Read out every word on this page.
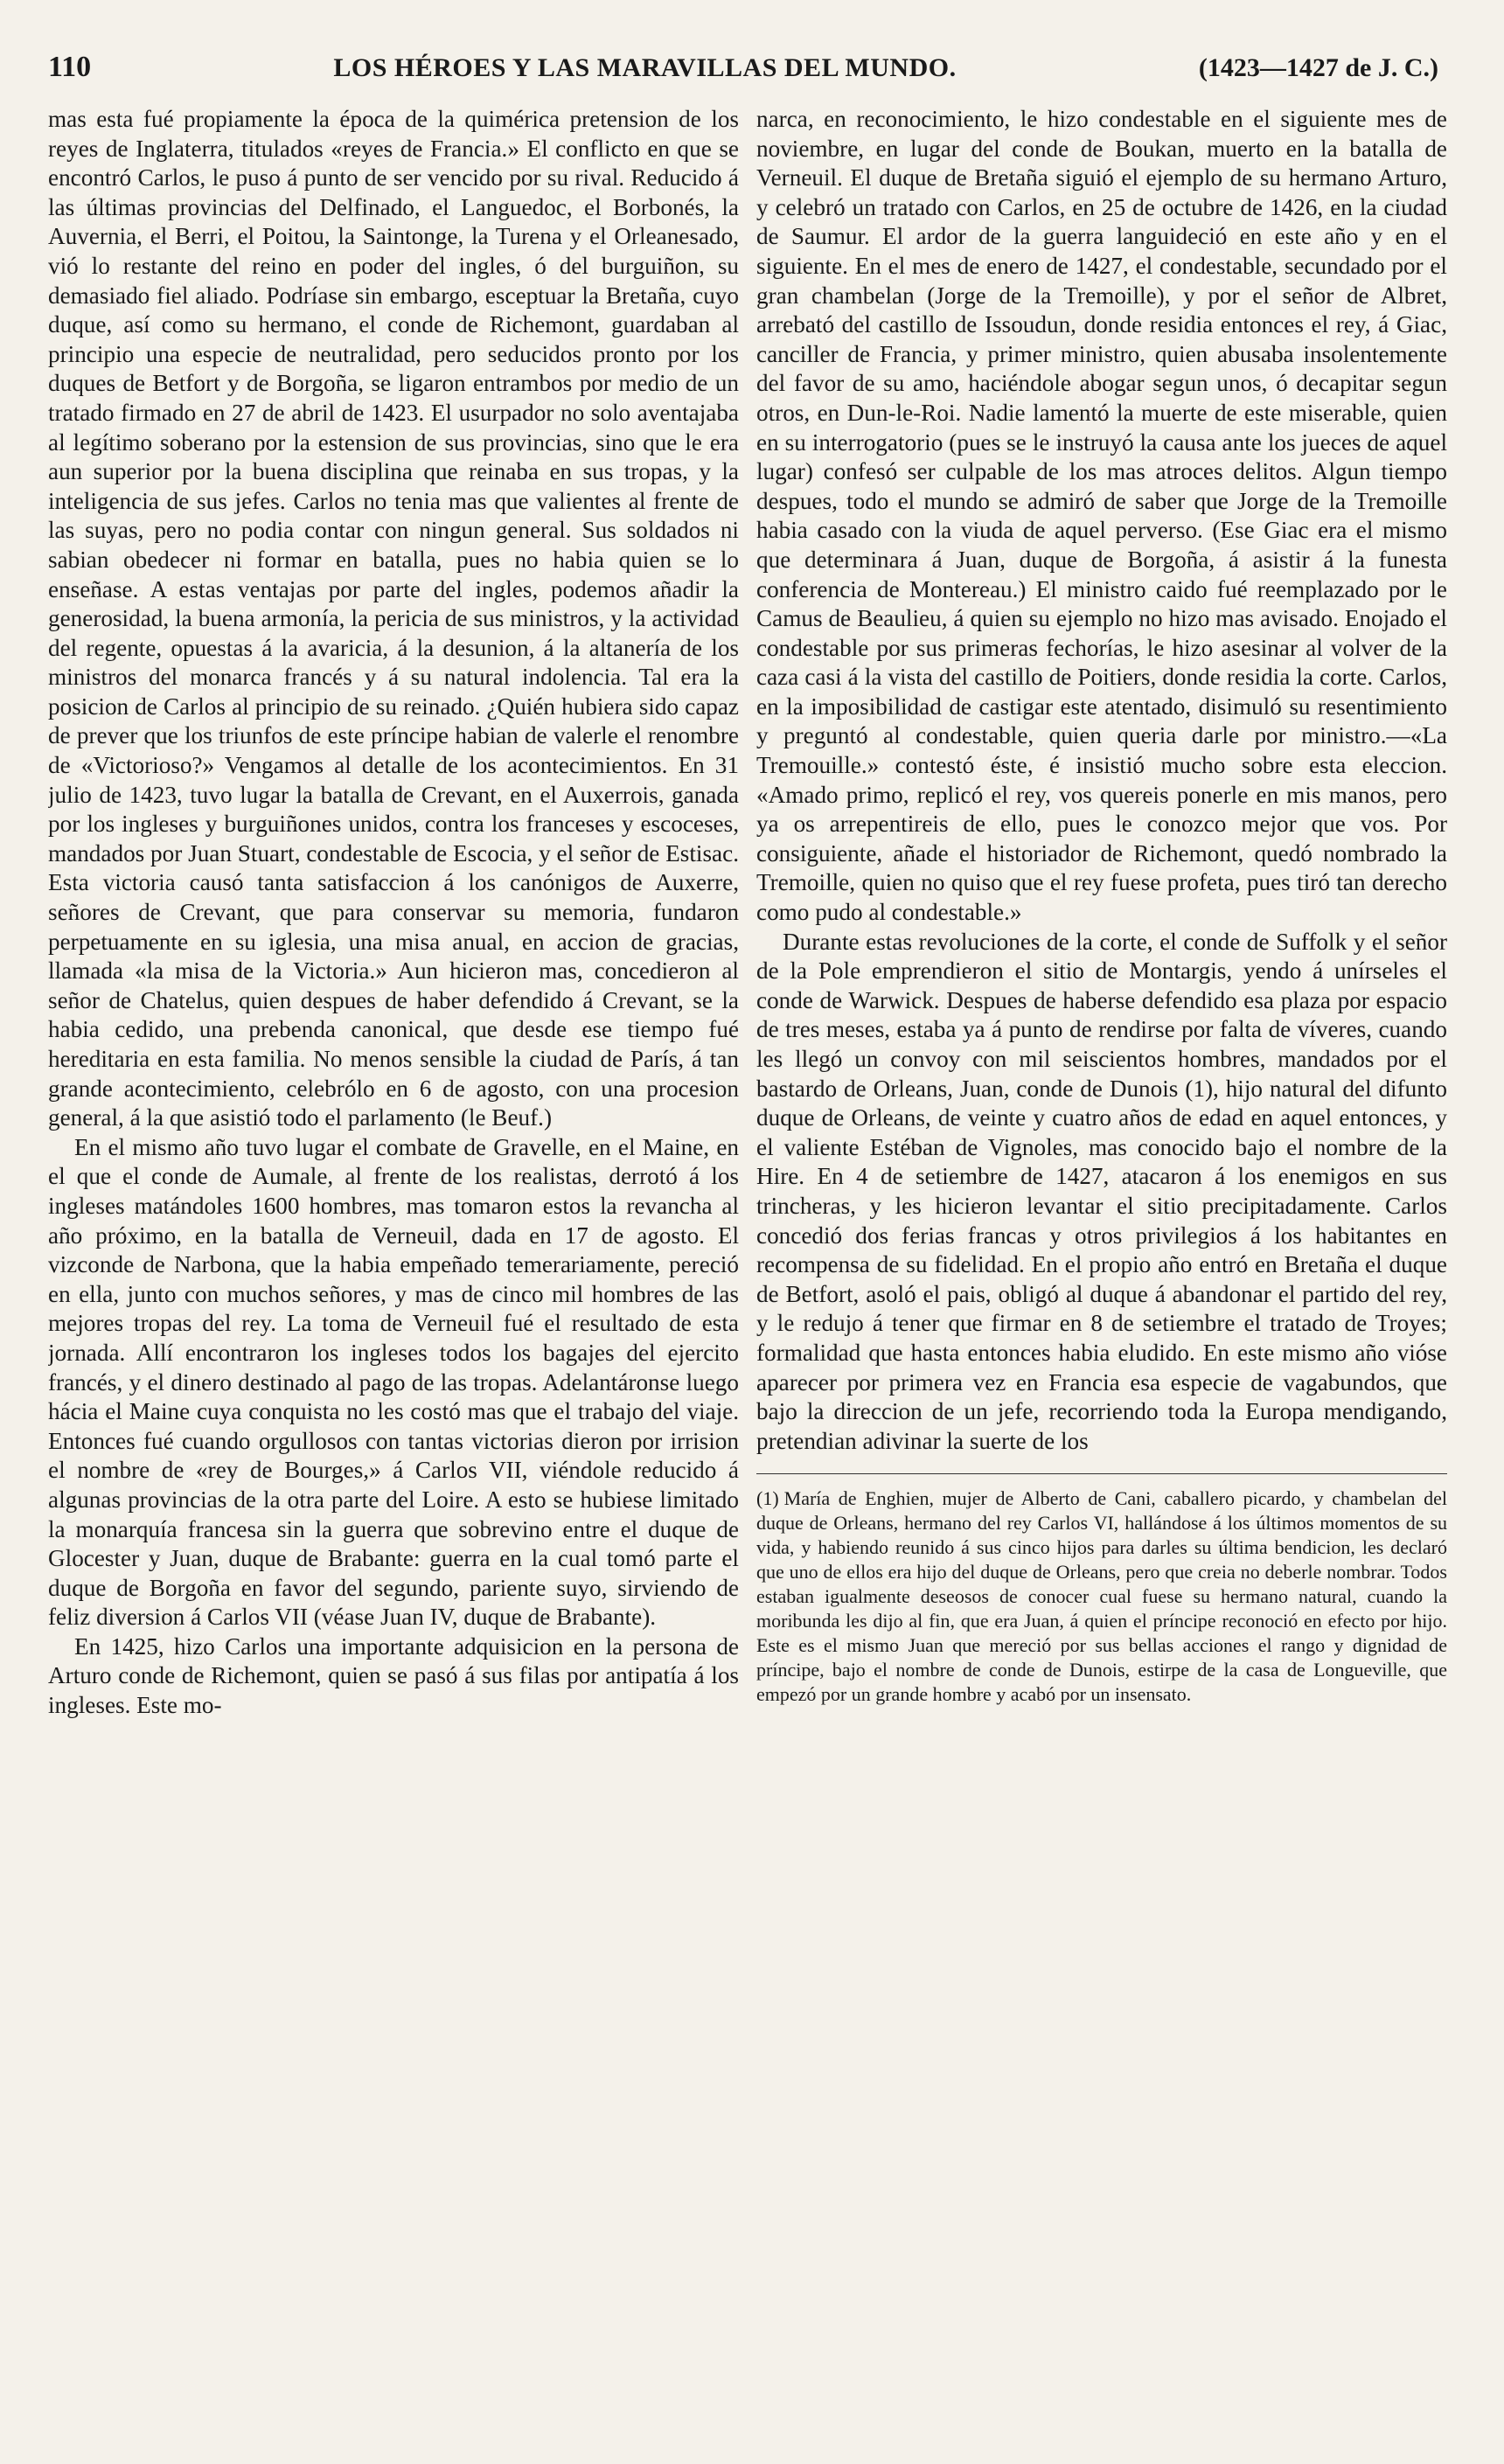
110	LOS HÉROES Y LAS MARAVILLAS DEL MUNDO.	(1423—1427 de J. C.)

mas esta fué propiamente la época de la quimérica pretension de los reyes de Inglaterra, titulados «reyes de Francia.» El conflicto en que se encontró Carlos, le puso á punto de ser vencido por su rival. Reducido á las últimas provincias del Delfinado, el Languedoc, el Borbonés, la Auvernia, el Berri, el Poitou, la Saintonge, la Turena y el Orleanesado, vió lo restante del reino en poder del ingles, ó del burguiñon, su demasiado fiel aliado. Podríase sin embargo, esceptuar la Bretaña, cuyo duque, así como su hermano, el conde de Richemont, guardaban al principio una especie de neutralidad, pero seducidos pronto por los duques de Betfort y de Borgoña, se ligaron entrambos por medio de un tratado firmado en 27 de abril de 1423. El usurpador no solo aventajaba al legítimo soberano por la estension de sus provincias, sino que le era aun superior por la buena disciplina que reinaba en sus tropas, y la inteligencia de sus jefes. Carlos no tenia mas que valientes al frente de las suyas, pero no podia contar con ningun general. Sus soldados ni sabian obedecer ni formar en batalla, pues no habia quien se lo enseñase. A estas ventajas por parte del ingles, podemos añadir la generosidad, la buena armonía, la pericia de sus ministros, y la actividad del regente, opuestas á la avaricia, á la desunion, á la altanería de los ministros del monarca francés y á su natural indolencia. Tal era la posicion de Carlos al principio de su reinado. ¿Quién hubiera sido capaz de prever que los triunfos de este príncipe habian de valerle el renombre de «Victorioso?» Vengamos al detalle de los acontecimientos. En 31 julio de 1423, tuvo lugar la batalla de Crevant, en el Auxerrois, ganada por los ingleses y burguiñones unidos, contra los franceses y escoceses, mandados por Juan Stuart, condestable de Escocia, y el señor de Estisac. Esta victoria causó tanta satisfaccion á los canónigos de Auxerre, señores de Crevant, que para conservar su memoria, fundaron perpetuamente en su iglesia, una misa anual, en accion de gracias, llamada «la misa de la Victoria.» Aun hicieron mas, concedieron al señor de Chatelus, quien despues de haber defendido á Crevant, se la habia cedido, una prebenda canonical, que desde ese tiempo fué hereditaria en esta familia. No menos sensible la ciudad de París, á tan grande acontecimiento, celebrólo en 6 de agosto, con una procesion general, á la que asistió todo el parlamento (le Beuf.)

En el mismo año tuvo lugar el combate de Gravelle, en el Maine, en el que el conde de Aumale, al frente de los realistas, derrotó á los ingleses matándoles 1600 hombres, mas tomaron estos la revancha al año próximo, en la batalla de Verneuil, dada en 17 de agosto. El vizconde de Narbona, que la habia empeñado temerariamente, pereció en ella, junto con muchos señores, y mas de cinco mil hombres de las mejores tropas del rey. La toma de Verneuil fué el resultado de esta jornada. Allí encontraron los ingleses todos los bagajes del ejercito francés, y el dinero destinado al pago de las tropas. Adelantáronse luego hácia el Maine cuya conquista no les costó mas que el trabajo del viaje. Entonces fué cuando orgullosos con tantas victorias dieron por irrision el nombre de «rey de Bourges,» á Carlos VII, viéndole reducido á algunas provincias de la otra parte del Loire. A esto se hubiese limitado la monarquía francesa sin la guerra que sobrevino entre el duque de Glocester y Juan, duque de Brabante: guerra en la cual tomó parte el duque de Borgoña en favor del segundo, pariente suyo, sirviendo de feliz diversion á Carlos VII (véase Juan IV, duque de Brabante).

En 1425, hizo Carlos una importante adquisicion en la persona de Arturo conde de Richemont, quien se pasó á sus filas por antipatía á los ingleses. Este mo-

narca, en reconocimiento, le hizo condestable en el siguiente mes de noviembre, en lugar del conde de Boukan, muerto en la batalla de Verneuil. El duque de Bretaña siguió el ejemplo de su hermano Arturo, y celebró un tratado con Carlos, en 25 de octubre de 1426, en la ciudad de Saumur. El ardor de la guerra languideció en este año y en el siguiente. En el mes de enero de 1427, el condestable, secundado por el gran chambelan (Jorge de la Tremoille), y por el señor de Albret, arrebató del castillo de Issoudun, donde residia entonces el rey, á Giac, canciller de Francia, y primer ministro, quien abusaba insolentemente del favor de su amo, haciéndole abogar segun unos, ó decapitar segun otros, en Dun-le-Roi. Nadie lamentó la muerte de este miserable, quien en su interrogatorio (pues se le instruyó la causa ante los jueces de aquel lugar) confesó ser culpable de los mas atroces delitos. Algun tiempo despues, todo el mundo se admiró de saber que Jorge de la Tremoille habia casado con la viuda de aquel perverso. (Ese Giac era el mismo que determinara á Juan, duque de Borgoña, á asistir á la funesta conferencia de Montereau.) El ministro caido fué reemplazado por le Camus de Beaulieu, á quien su ejemplo no hizo mas avisado. Enojado el condestable por sus primeras fechorías, le hizo asesinar al volver de la caza casi á la vista del castillo de Poitiers, donde residia la corte. Carlos, en la imposibilidad de castigar este atentado, disimuló su resentimiento y preguntó al condestable, quien queria darle por ministro.—«La Tremouille.» contestó éste, é insistió mucho sobre esta eleccion. «Amado primo, replicó el rey, vos quereis ponerle en mis manos, pero ya os arrepentireis de ello, pues le conozco mejor que vos. Por consiguiente, añade el historiador de Richemont, quedó nombrado la Tremoille, quien no quiso que el rey fuese profeta, pues tiró tan derecho como pudo al condestable.»

Durante estas revoluciones de la corte, el conde de Suffolk y el señor de la Pole emprendieron el sitio de Montargis, yendo á unírseles el conde de Warwick. Despues de haberse defendido esa plaza por espacio de tres meses, estaba ya á punto de rendirse por falta de víveres, cuando les llegó un convoy con mil seiscientos hombres, mandados por el bastardo de Orleans, Juan, conde de Dunois (1), hijo natural del difunto duque de Orleans, de veinte y cuatro años de edad en aquel entonces, y el valiente Estéban de Vignoles, mas conocido bajo el nombre de la Hire. En 4 de setiembre de 1427, atacaron á los enemigos en sus trincheras, y les hicieron levantar el sitio precipitadamente. Carlos concedió dos ferias francas y otros privilegios á los habitantes en recompensa de su fidelidad. En el propio año entró en Bretaña el duque de Betfort, asoló el pais, obligó al duque á abandonar el partido del rey, y le redujo á tener que firmar en 8 de setiembre el tratado de Troyes; formalidad que hasta entonces habia eludido. En este mismo año vióse aparecer por primera vez en Francia esa especie de vagabundos, que bajo la direccion de un jefe, recorriendo toda la Europa mendigando, pretendian adivinar la suerte de los

(1) María de Enghien, mujer de Alberto de Cani, caballero picardo, y chambelan del duque de Orleans, hermano del rey Carlos VI, hallándose á los últimos momentos de su vida, y habiendo reunido á sus cinco hijos para darles su última bendicion, les declaró que uno de ellos era hijo del duque de Orleans, pero que creia no deberle nombrar. Todos estaban igualmente deseosos de conocer cual fuese su hermano natural, cuando la moribunda les dijo al fin, que era Juan, á quien el príncipe reconoció en efecto por hijo. Este es el mismo Juan que mereció por sus bellas acciones el rango y dignidad de príncipe, bajo el nombre de conde de Dunois, estirpe de la casa de Longueville, que empezó por un grande hombre y acabó por un insensato.
